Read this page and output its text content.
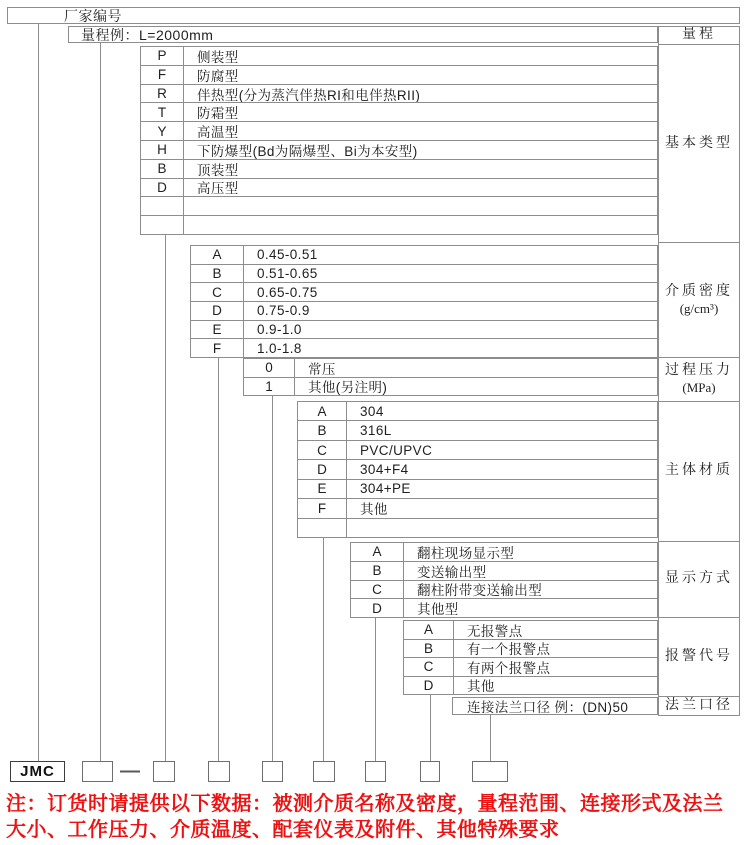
厂家编号
量程例：L=2000mm
—
注：订货时请提供以下数据：被测介质名称及密度，量程范围、连接形式及法兰
大小、工作压力、介质温度、配套仪表及附件、其他特殊要求
P	侧装型
F	防腐型
R	伴热型(分为蒸汽伴热RI和电伴热RII)
T	防霜型
Y	高温型
H	下防爆型(Bd为隔爆型、Bi为本安型)
B	顶装型
D	高压型
A	0.45-0.51
B	0.51-0.65
C	0.65-0.75
D	0.75-0.9
E	0.9-1.0
F	1.0-1.8
0	常压
1	其他(另注明)
A	304
B	316L
C	PVC/UPVC
D	304+F4
E	304+PE
F	其他
A	翻柱现场显示型
B	变送输出型
C	翻柱附带变送输出型
D	其他型
A	无报警点
B	有一个报警点
C	有两个报警点
D	其他
连接法兰口径 例：(DN)50
量程
基本类型
介质密度
(g/cm³)
过程压力
(MPa)
主体材质
显示方式
报警代号
法兰口径
JMC
